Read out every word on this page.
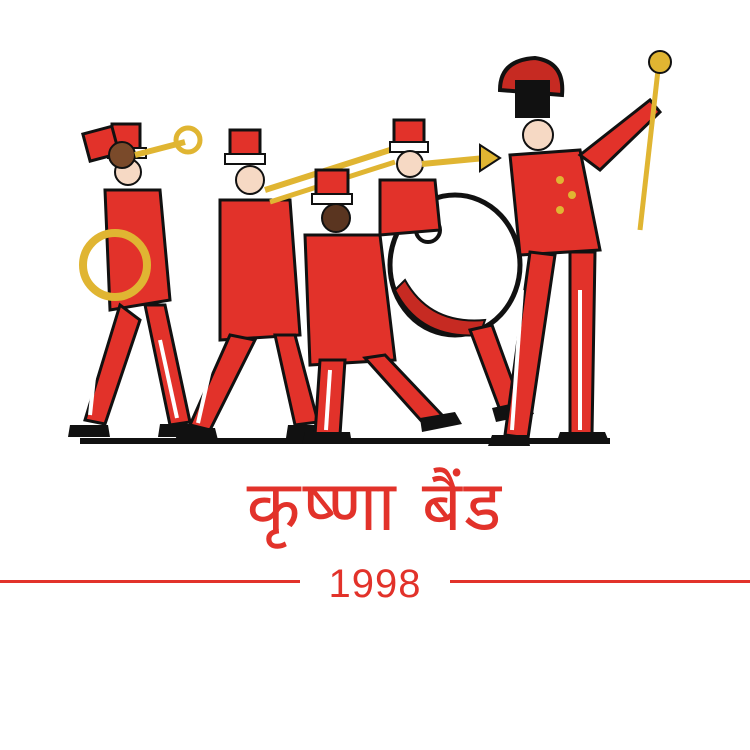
कृष्णा बैंड
1998
